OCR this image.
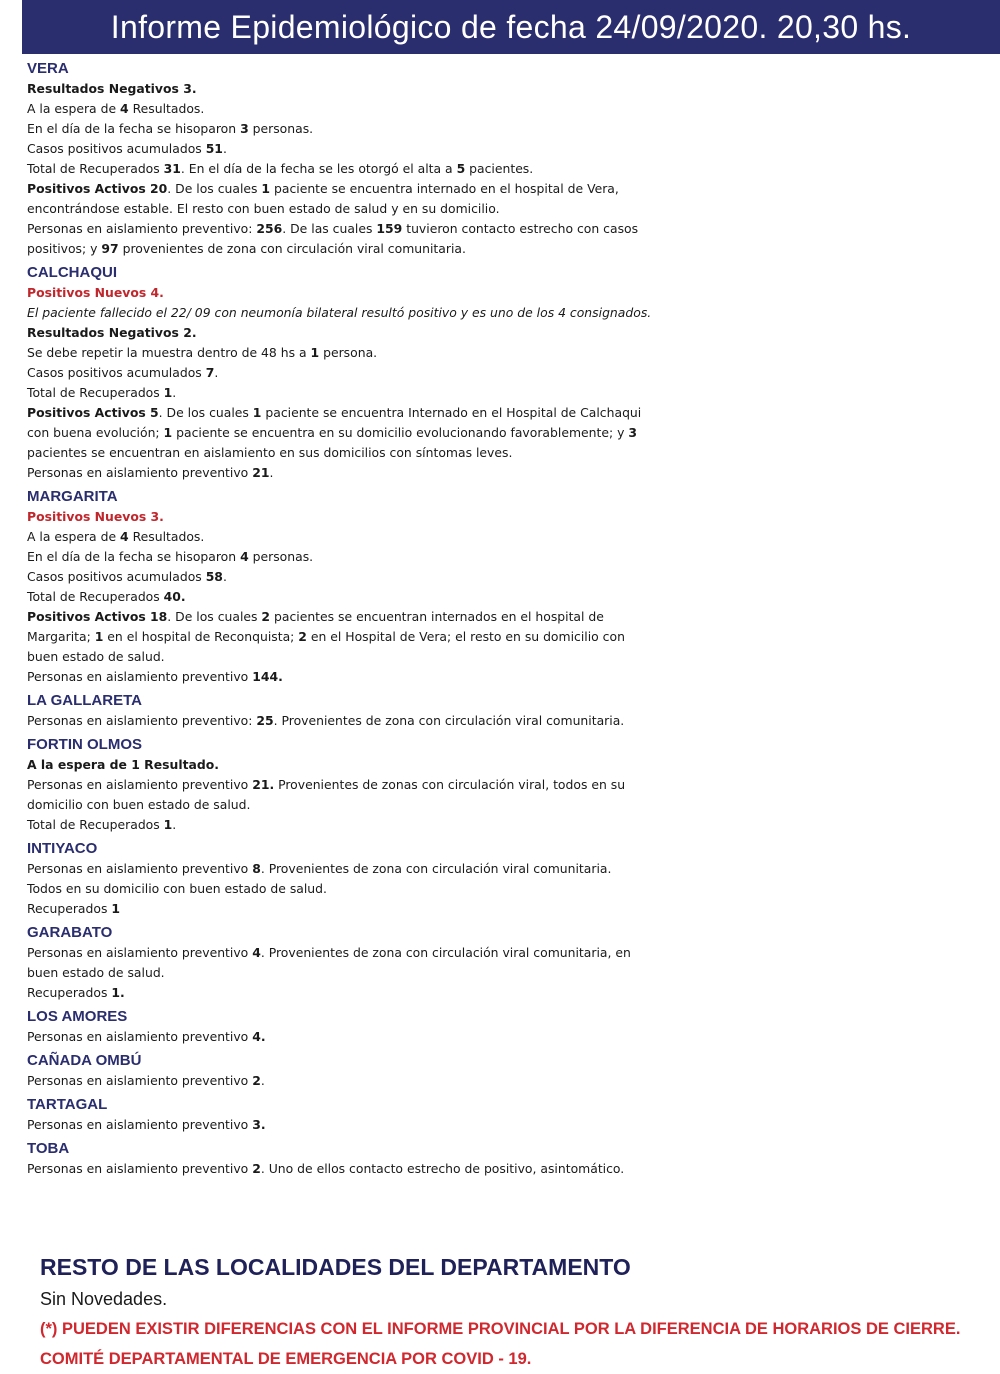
Informe Epidemiológico de fecha 24/09/2020. 20,30 hs.
VERA
Resultados Negativos 3.
A la espera de 4 Resultados.
En el día de la fecha se hisoparon 3 personas.
Casos positivos acumulados 51.
Total de Recuperados 31. En el día de la fecha se les otorgó el alta a 5 pacientes.
Positivos Activos 20. De los cuales 1 paciente se encuentra internado en el hospital de Vera,
encontrándose estable. El resto con buen estado de salud y en su domicilio.
Personas en aislamiento preventivo: 256. De las cuales 159 tuvieron contacto estrecho con casos
positivos; y 97 provenientes de zona con circulación viral comunitaria.
CALCHAQUI
Positivos Nuevos 4.
El paciente fallecido el 22/ 09 con neumonía bilateral resultó positivo y es uno de los 4 consignados.
Resultados Negativos 2.
Se debe repetir la muestra dentro de 48 hs a 1 persona.
Casos positivos acumulados 7.
Total de Recuperados 1.
Positivos Activos 5. De los cuales 1 paciente se encuentra Internado en el Hospital de Calchaqui
con buena evolución; 1 paciente se encuentra en su domicilio evolucionando favorablemente; y 3
pacientes se encuentran en aislamiento en sus domicilios con síntomas leves.
Personas en aislamiento preventivo 21.
MARGARITA
Positivos Nuevos 3.
A la espera de 4 Resultados.
En el día de la fecha se hisoparon 4 personas.
Casos positivos acumulados 58.
Total de Recuperados 40.
Positivos Activos 18. De los cuales 2 pacientes se encuentran internados en el hospital de
Margarita; 1 en el hospital de Reconquista; 2 en el Hospital de Vera; el resto en su domicilio con
buen estado de salud.
Personas en aislamiento preventivo 144.
LA GALLARETA
Personas en aislamiento preventivo: 25. Provenientes de zona con circulación viral comunitaria.
FORTIN OLMOS
A la espera de 1 Resultado.
Personas en aislamiento preventivo 21. Provenientes de zonas con circulación viral, todos en su
domicilio con buen estado de salud.
Total de Recuperados 1.
INTIYACO
Personas en aislamiento preventivo 8. Provenientes de zona con circulación viral comunitaria.
Todos en su domicilio con buen estado de salud.
Recuperados 1
GARABATO
Personas en aislamiento preventivo 4. Provenientes de zona con circulación viral comunitaria, en
buen estado de salud.
Recuperados 1.
LOS AMORES
Personas en aislamiento preventivo 4.
CAÑADA OMBÚ
Personas en aislamiento preventivo 2.
TARTAGAL
Personas en aislamiento preventivo 3.
TOBA
Personas en aislamiento preventivo 2. Uno de ellos contacto estrecho de positivo, asintomático.
RESTO DE LAS LOCALIDADES DEL DEPARTAMENTO
Sin Novedades.
(*) PUEDEN EXISTIR DIFERENCIAS CON EL INFORME PROVINCIAL POR LA DIFERENCIA DE HORARIOS DE CIERRE.
COMITÉ DEPARTAMENTAL DE EMERGENCIA POR COVID - 19.
